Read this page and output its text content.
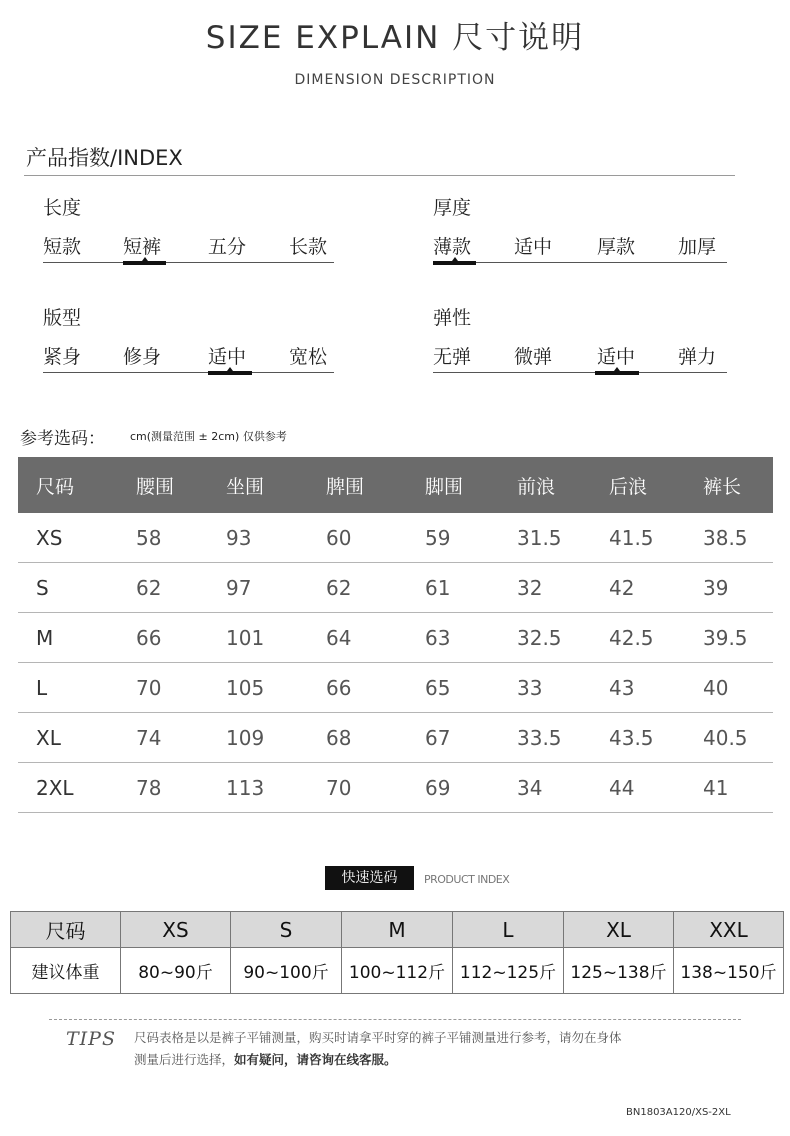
SIZE EXPLAIN 尺寸说明
DIMENSION DESCRIPTION
产品指数/INDEX
长度
短款 短裤 五分 长款
厚度
薄款 适中 厚款 加厚
版型
紧身 修身 适中 宽松
弹性
无弹 微弹 适中 弹力
参考选码： cm(测量范围 ± 2cm) 仅供参考
尺码	腰围	坐围	脾围	脚围	前浪	后浪	裤长
XS	58	93	60	59	31.5	41.5	38.5
S	62	97	62	61	32	42	39
M	66	101	64	63	32.5	42.5	39.5
L	70	105	66	65	33	43	40
XL	74	109	68	67	33.5	43.5	40.5
2XL	78	113	70	69	34	44	41
快速选码	PRODUCT INDEX
尺码	XS	S	M	L	XL	XXL
建议体重	80~90斤	90~100斤	100~112斤	112~125斤	125~138斤	138~150斤
TIPS 尺码表格是以是裤子平铺测量，购买时请拿平时穿的裤子平铺测量进行参考，请勿在身体
测量后进行选择，如有疑问，请咨询在线客服。
BN1803A120/XS-2XL
